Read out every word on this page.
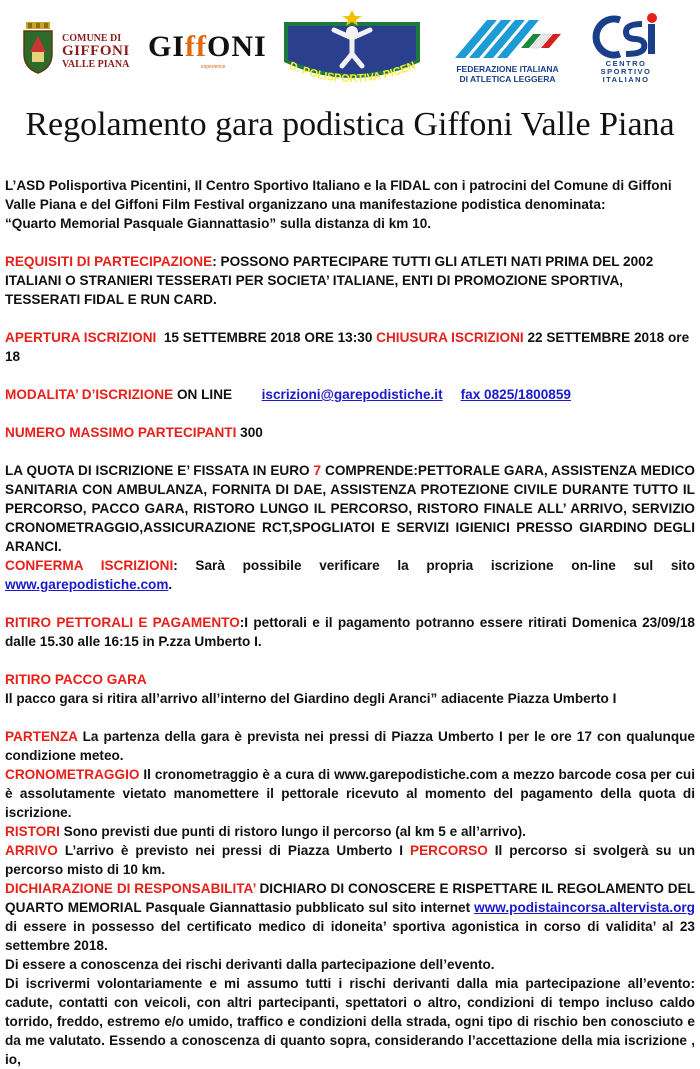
COMUNE DI
GIFFONI
VALLE PIANA
GIffONI
experience	D. POLISPORTIVA PICEN	FEDERAZIONE ITALIANA
DI ATLETICA LEGGERA
CENTRO
SPORTIVO
ITALIANO
Regolamento gara podistica Giffoni Valle Piana

L’ASD Polisportiva Picentini, Il Centro Sportivo Italiano e la FIDAL con i patrocini del Comune di Giffoni Valle Piana e del Giffoni Film Festival organizzano una manifestazione podistica denominata:
“Quarto Memorial Pasquale Giannattasio” sulla distanza di km 10.

REQUISITI DI PARTECIPAZIONE: POSSONO PARTECIPARE TUTTI GLI ATLETI NATI PRIMA DEL 2002 ITALIANI O STRANIERI TESSERATI PER SOCIETA’ ITALIANE, ENTI DI PROMOZIONE SPORTIVA, TESSERATI FIDAL E RUN CARD.

APERTURA ISCRIZIONI  15 SETTEMBRE 2018 ORE 13:30 CHIUSURA ISCRIZIONI 22 SETTEMBRE 2018 ore 18

MODALITA’ D’ISCRIZIONE ON LINE iscrizioni@garepodistiche.it fax 0825/1800859

NUMERO MASSIMO PARTECIPANTI 300

LA QUOTA DI ISCRIZIONE E’ FISSATA IN EURO 7 COMPRENDE:PETTORALE GARA, ASSISTENZA MEDICO SANITARIA CON AMBULANZA, FORNITA DI DAE, ASSISTENZA PROTEZIONE CIVILE DURANTE TUTTO IL PERCORSO, PACCO GARA, RISTORO LUNGO IL PERCORSO, RISTORO FINALE ALL’ ARRIVO, SERVIZIO CRONOMETRAGGIO,ASSICURAZIONE RCT,SPOGLIATOI E SERVIZI IGIENICI PRESSO GIARDINO DEGLI ARANCI.

CONFERMA ISCRIZIONI: Sarà possibile verificare la propria iscrizione on-line sul sito www.garepodistiche.com.

RITIRO PETTORALI E PAGAMENTO:I pettorali e il pagamento potranno essere ritirati Domenica 23/09/18 dalle 15.30 alle 16:15 in P.zza Umberto I.

RITIRO PACCO GARA
Il pacco gara si ritira all’arrivo all’interno del Giardino degli Aranci” adiacente Piazza Umberto I

PARTENZA La partenza della gara è prevista nei pressi di Piazza Umberto I per le ore 17 con qualunque condizione meteo.

CRONOMETRAGGIO Il cronometraggio è a cura di www.garepodistiche.com a mezzo barcode cosa per cui è assolutamente vietato manomettere il pettorale ricevuto al momento del pagamento della quota di iscrizione.

RISTORI Sono previsti due punti di ristoro lungo il percorso (al km 5 e all’arrivo).

ARRIVO L’arrivo è previsto nei pressi di Piazza Umberto I PERCORSO Il percorso si svolgerà su un percorso misto di 10 km.

DICHIARAZIONE DI RESPONSABILITA’ DICHIARO DI CONOSCERE E RISPETTARE IL REGOLAMENTO DEL QUARTO MEMORIAL Pasquale Giannattasio pubblicato sul sito internet www.podistaincorsa.altervista.org di essere in possesso del certificato medico di idoneita’ sportiva agonistica in corso di validita’ al 23 settembre 2018.

Di essere a conoscenza dei rischi derivanti dalla partecipazione dell’evento.

Di iscrivermi volontariamente e mi assumo tutti i rischi derivanti dalla mia partecipazione all’evento: cadute, contatti con veicoli, con altri partecipanti, spettatori o altro, condizioni di tempo incluso caldo torrido, freddo, estremo e/o umido, traffico e condizioni della strada, ogni tipo di rischio ben conosciuto e da me valutato. Essendo a conoscenza di quanto sopra, considerando l’accettazione della mia iscrizione , io,
